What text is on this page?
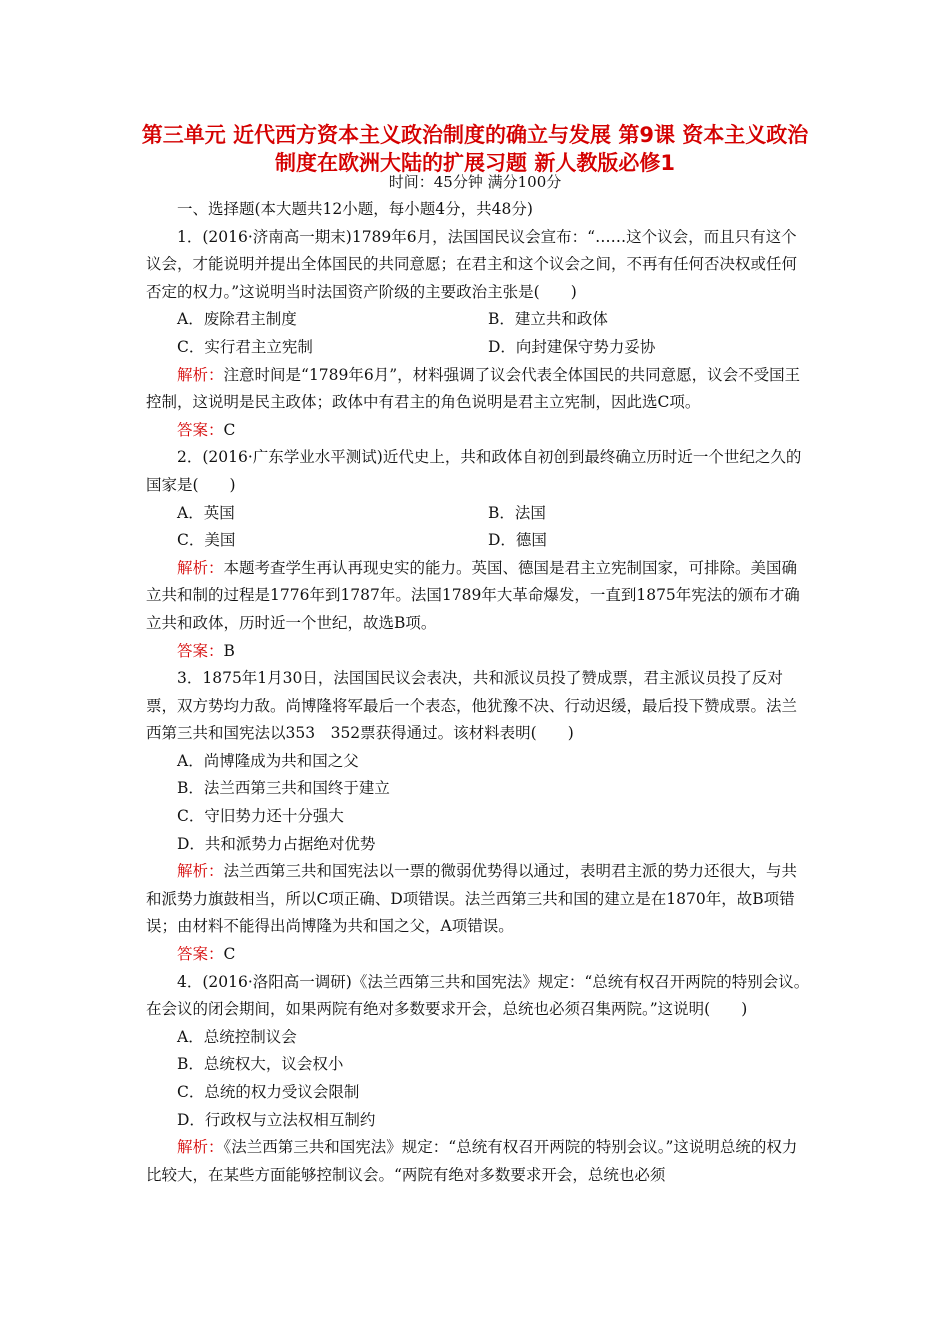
第三单元 近代西方资本主义政治制度的确立与发展 第9课 资本主义政治制度在欧洲大陆的扩展习题 新人教版必修1
时间：45分钟 满分100分

一、选择题(本大题共12小题，每小题4分，共48分)

1．(2016·济南高一期末)1789年6月，法国国民议会宣布：“……这个议会，而且只有这个议会，才能说明并提出全体国民的共同意愿；在君主和这个议会之间，不再有任何否决权或任何否定的权力。”这说明当时法国资产阶级的主要政治主张是(　　)

A．废除君主制度	B．建立共和政体
C．实行君主立宪制	D．向封建保守势力妥协

解析：注意时间是“1789年6月”，材料强调了议会代表全体国民的共同意愿，议会不受国王控制，这说明是民主政体；政体中有君主的角色说明是君主立宪制，因此选C项。

答案：C

2．(2016·广东学业水平测试)近代史上，共和政体自初创到最终确立历时近一个世纪之久的国家是(　　)

A．英国	B．法国
C．美国	D．德国

解析：本题考查学生再认再现史实的能力。英国、德国是君主立宪制国家，可排除。美国确立共和制的过程是1776年到1787年。法国1789年大革命爆发，一直到1875年宪法的颁布才确立共和政体，历时近一个世纪，故选B项。

答案：B

3．1875年1月30日，法国国民议会表决，共和派议员投了赞成票，君主派议员投了反对票，双方势均力敌。尚博隆将军最后一个表态，他犹豫不决、行动迟缓，最后投下赞成票。法兰西第三共和国宪法以353　352票获得通过。该材料表明(　　)

A．尚博隆成为共和国之父

B．法兰西第三共和国终于建立

C．守旧势力还十分强大

D．共和派势力占据绝对优势

解析：法兰西第三共和国宪法以一票的微弱优势得以通过，表明君主派的势力还很大，与共和派势力旗鼓相当，所以C项正确、D项错误。法兰西第三共和国的建立是在1870年，故B项错误；由材料不能得出尚博隆为共和国之父，A项错误。

答案：C

4．(2016·洛阳高一调研)《法兰西第三共和国宪法》规定：“总统有权召开两院的特别会议。在会议的闭会期间，如果两院有绝对多数要求开会，总统也必须召集两院。”这说明(　　)

A．总统控制议会

B．总统权大，议会权小

C．总统的权力受议会限制

D．行政权与立法权相互制约

解析：《法兰西第三共和国宪法》规定：“总统有权召开两院的特别会议。”这说明总统的权力比较大，在某些方面能够控制议会。“两院有绝对多数要求开会，总统也必须
